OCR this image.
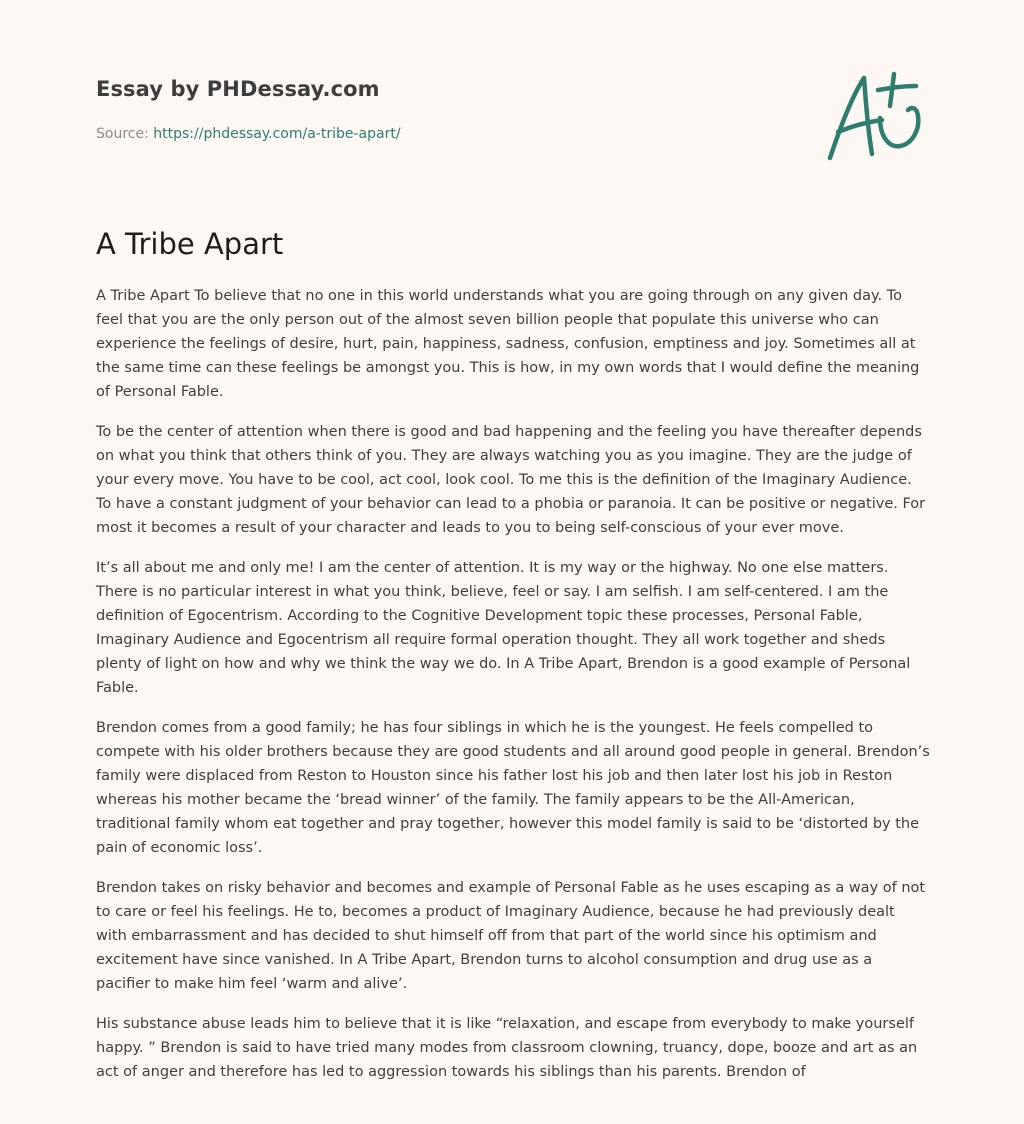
Essay by PHDessay.com
Source: https://phdessay.com/a-tribe-apart/
A Tribe Apart

A Tribe Apart To believe that no one in this world understands what you are going through on any given day. To feel that you are the only person out of the almost seven billion people that populate this universe who can experience the feelings of desire, hurt, pain, happiness, sadness, confusion, emptiness and joy. Sometimes all at the same time can these feelings be amongst you. This is how, in my own words that I would define the meaning of Personal Fable.

To be the center of attention when there is good and bad happening and the feeling you have thereafter depends on what you think that others think of you. They are always watching you as you imagine. They are the judge of your every move. You have to be cool, act cool, look cool. To me this is the definition of the Imaginary Audience. To have a constant judgment of your behavior can lead to a phobia or paranoia. It can be positive or negative. For most it becomes a result of your character and leads to you to being self-conscious of your ever move.

It’s all about me and only me! I am the center of attention. It is my way or the highway. No one else matters. There is no particular interest in what you think, believe, feel or say. I am selfish. I am self-centered. I am the definition of Egocentrism. According to the Cognitive Development topic these processes, Personal Fable, Imaginary Audience and Egocentrism all require formal operation thought. They all work together and sheds plenty of light on how and why we think the way we do. In A Tribe Apart, Brendon is a good example of Personal Fable.

Brendon comes from a good family; he has four siblings in which he is the youngest. He feels compelled to compete with his older brothers because they are good students and all around good people in general. Brendon’s family were displaced from Reston to Houston since his father lost his job and then later lost his job in Reston whereas his mother became the ‘bread winner’ of the family. The family appears to be the All-American, traditional family whom eat together and pray together, however this model family is said to be ‘distorted by the pain of economic loss’.

Brendon takes on risky behavior and becomes and example of Personal Fable as he uses escaping as a way of not to care or feel his feelings. He to, becomes a product of Imaginary Audience, because he had previously dealt with embarrassment and has decided to shut himself off from that part of the world since his optimism and excitement have since vanished. In A Tribe Apart, Brendon turns to alcohol consumption and drug use as a pacifier to make him feel ‘warm and alive’.

His substance abuse leads him to believe that it is like “relaxation, and escape from everybody to make yourself happy. ” Brendon is said to have tried many modes from classroom clowning, truancy, dope, booze and art as an act of anger and therefore has led to aggression towards his siblings than his parents. Brendon of
